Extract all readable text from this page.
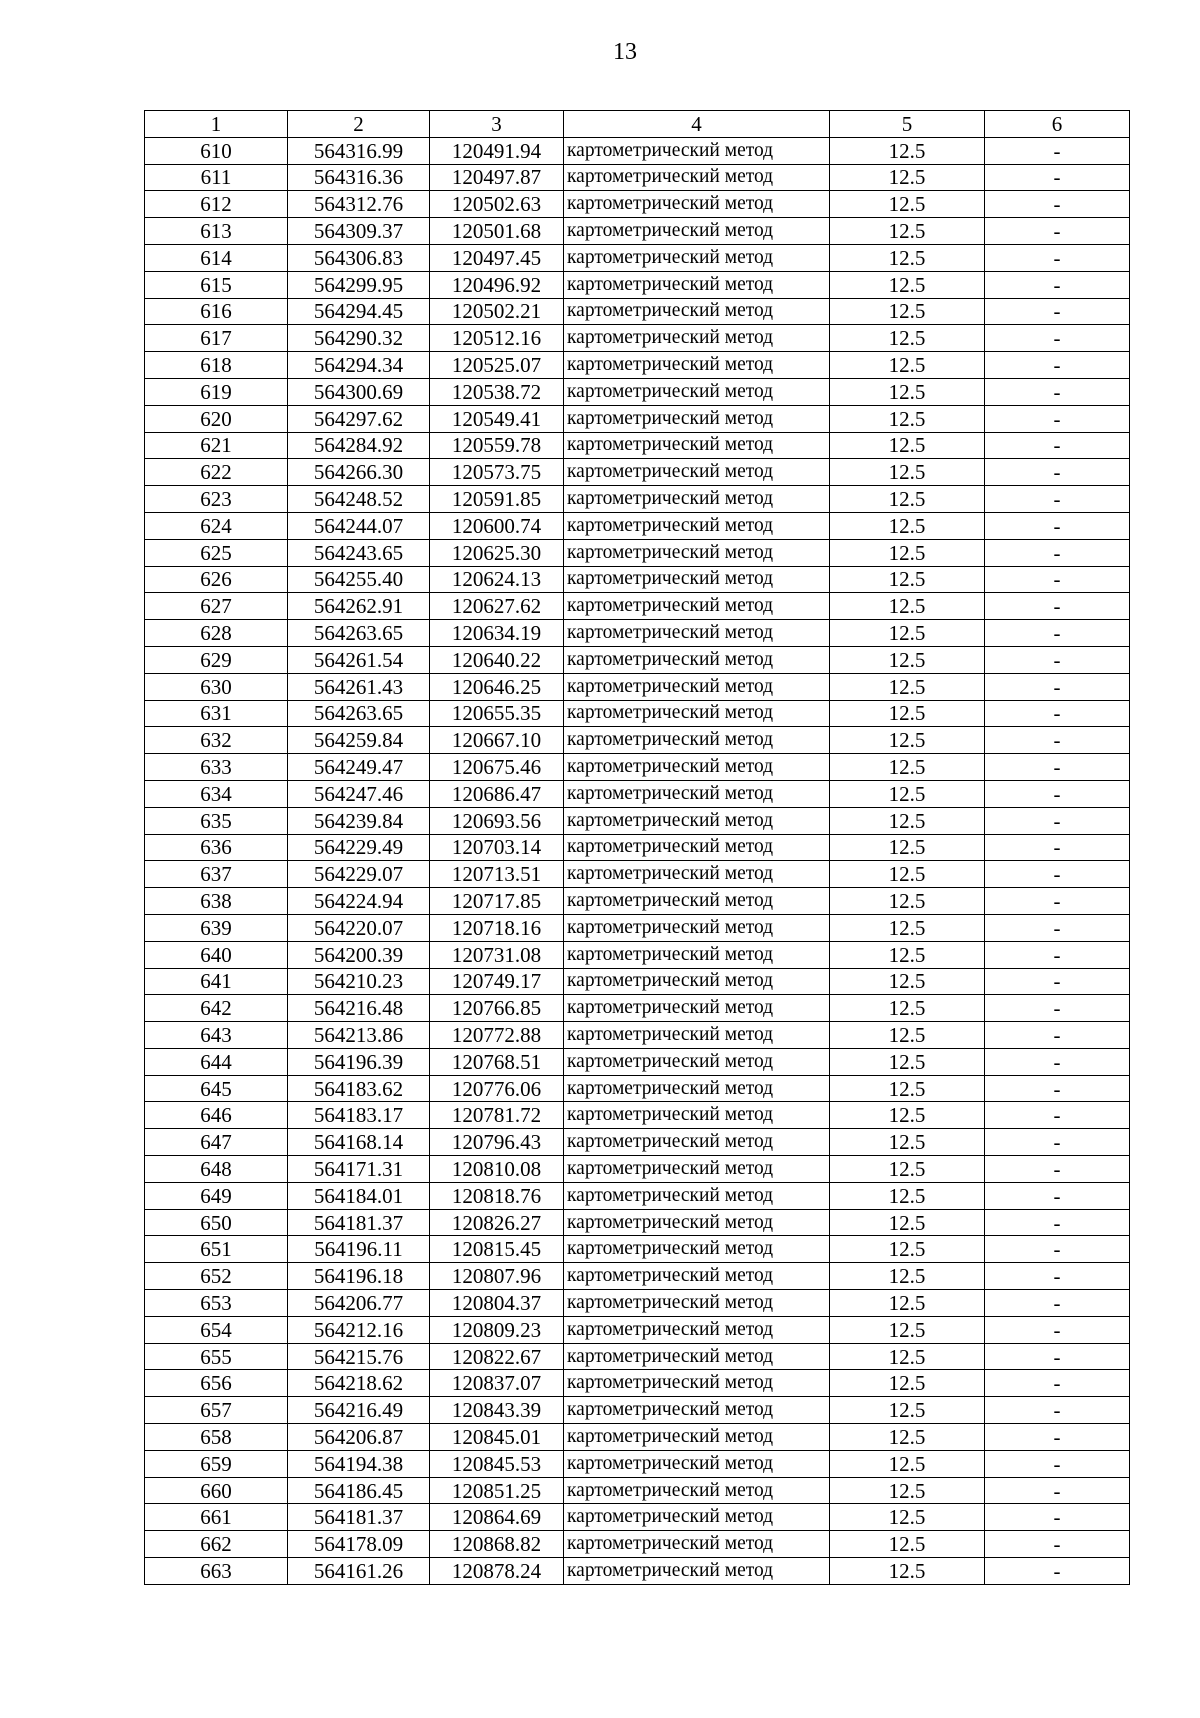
13
1	2	3	4	5	6
610	564316.99	120491.94	картометрический метод	12.5	-
611	564316.36	120497.87	картометрический метод	12.5	-
612	564312.76	120502.63	картометрический метод	12.5	-
613	564309.37	120501.68	картометрический метод	12.5	-
614	564306.83	120497.45	картометрический метод	12.5	-
615	564299.95	120496.92	картометрический метод	12.5	-
616	564294.45	120502.21	картометрический метод	12.5	-
617	564290.32	120512.16	картометрический метод	12.5	-
618	564294.34	120525.07	картометрический метод	12.5	-
619	564300.69	120538.72	картометрический метод	12.5	-
620	564297.62	120549.41	картометрический метод	12.5	-
621	564284.92	120559.78	картометрический метод	12.5	-
622	564266.30	120573.75	картометрический метод	12.5	-
623	564248.52	120591.85	картометрический метод	12.5	-
624	564244.07	120600.74	картометрический метод	12.5	-
625	564243.65	120625.30	картометрический метод	12.5	-
626	564255.40	120624.13	картометрический метод	12.5	-
627	564262.91	120627.62	картометрический метод	12.5	-
628	564263.65	120634.19	картометрический метод	12.5	-
629	564261.54	120640.22	картометрический метод	12.5	-
630	564261.43	120646.25	картометрический метод	12.5	-
631	564263.65	120655.35	картометрический метод	12.5	-
632	564259.84	120667.10	картометрический метод	12.5	-
633	564249.47	120675.46	картометрический метод	12.5	-
634	564247.46	120686.47	картометрический метод	12.5	-
635	564239.84	120693.56	картометрический метод	12.5	-
636	564229.49	120703.14	картометрический метод	12.5	-
637	564229.07	120713.51	картометрический метод	12.5	-
638	564224.94	120717.85	картометрический метод	12.5	-
639	564220.07	120718.16	картометрический метод	12.5	-
640	564200.39	120731.08	картометрический метод	12.5	-
641	564210.23	120749.17	картометрический метод	12.5	-
642	564216.48	120766.85	картометрический метод	12.5	-
643	564213.86	120772.88	картометрический метод	12.5	-
644	564196.39	120768.51	картометрический метод	12.5	-
645	564183.62	120776.06	картометрический метод	12.5	-
646	564183.17	120781.72	картометрический метод	12.5	-
647	564168.14	120796.43	картометрический метод	12.5	-
648	564171.31	120810.08	картометрический метод	12.5	-
649	564184.01	120818.76	картометрический метод	12.5	-
650	564181.37	120826.27	картометрический метод	12.5	-
651	564196.11	120815.45	картометрический метод	12.5	-
652	564196.18	120807.96	картометрический метод	12.5	-
653	564206.77	120804.37	картометрический метод	12.5	-
654	564212.16	120809.23	картометрический метод	12.5	-
655	564215.76	120822.67	картометрический метод	12.5	-
656	564218.62	120837.07	картометрический метод	12.5	-
657	564216.49	120843.39	картометрический метод	12.5	-
658	564206.87	120845.01	картометрический метод	12.5	-
659	564194.38	120845.53	картометрический метод	12.5	-
660	564186.45	120851.25	картометрический метод	12.5	-
661	564181.37	120864.69	картометрический метод	12.5	-
662	564178.09	120868.82	картометрический метод	12.5	-
663	564161.26	120878.24	картометрический метод	12.5	-
